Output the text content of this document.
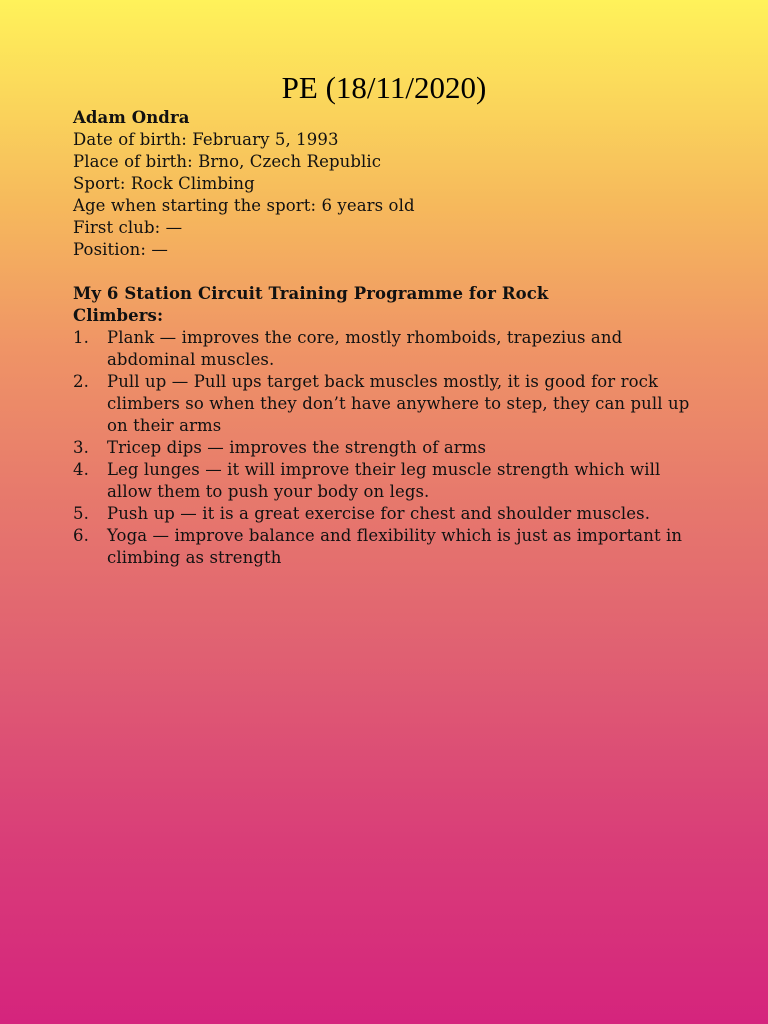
PE (18/11/2020)
Adam Ondra
Date of birth: February 5, 1993
Place of birth: Brno, Czech Republic
Sport: Rock Climbing
Age when starting the sport: 6 years old
First club: —
Position: —
My 6 Station Circuit Training Programme for Rock Climbers:
1. Plank — improves the core, mostly rhomboids, trapezius and abdominal muscles.
2. Pull up — Pull ups target back muscles mostly, it is good for rock climbers so when they don’t have anywhere to step, they can pull up on their arms
3. Tricep dips — improves the strength of arms
4. Leg lunges — it will improve their leg muscle strength which will allow them to push your body on legs.
5. Push up — it is a great exercise for chest and shoulder muscles.
6. Yoga — improve balance and flexibility which is just as important in climbing as strength
